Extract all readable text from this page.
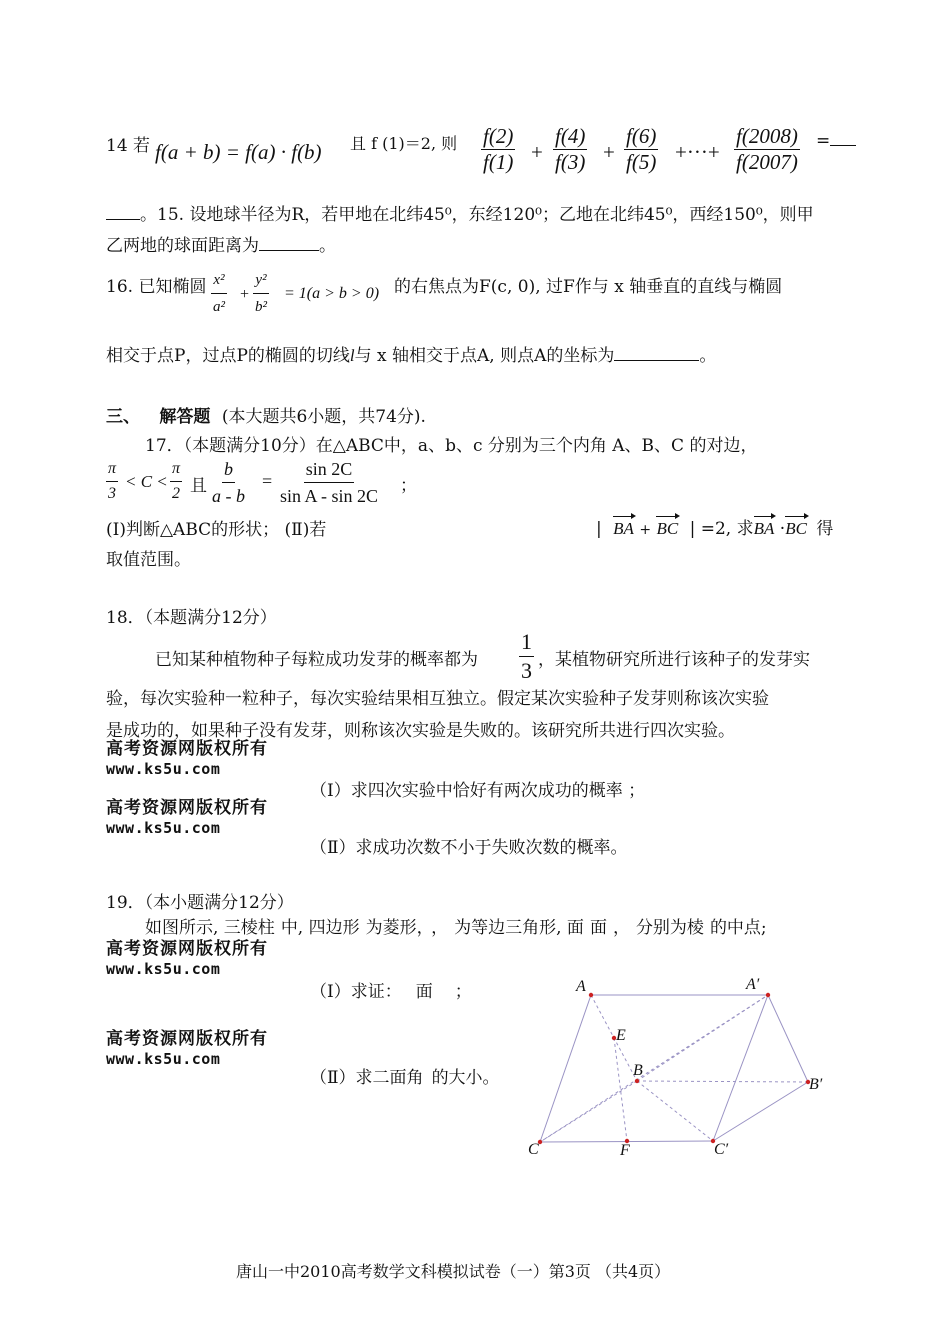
14 若 f(a + b) = f(a) · f(b) 且 f (1)＝2, 则 $\frac{f(2)}{f(1)} + \frac{f(4)}{f(3)} + \frac{f(6)}{f(5)}$ +···+ $\frac{f(2008)}{f(2007)}$ =
。15. 设地球半径为R，若甲地在北纬45⁰，东经120⁰；乙地在北纬45⁰，西经150⁰，则甲
乙两地的球面距离为	。
16. 已知椭圆 $\frac{\text{x²}}{\text{a²}} + \frac{\text{y²}}{\text{b²}} = 1(a > b > 0)$ 的右焦点为F(c, 0), 过F作与 x 轴垂直的直线与椭圆
相交于点P，过点P的椭圆的切线l与 x 轴相交于点A, 则点A的坐标为	。
三、 解答题 (本大题共6小题，共74分).
17．（本题满分10分）在△ABC中，a、b、c 分别为三个内角 A、B、C 的对边，
$\frac{\pi}{3} < C < \frac{\pi}{2}$ 且 $\frac{b}{a - b} = \frac{\sin 2C}{\text{sin A - sin 2C}}$ ；
(Ⅰ)判断△ABC的形状； (Ⅱ)若	| BA + BC | =2, 求BA ·BC 得
取值范围。
18．（本题满分12分）
已知某种植物种子每粒成功发芽的概率都为 $\frac{1}{3}$ ，某植物研究所进行该种子的发芽实
验，每次实验种一粒种子，每次实验结果相互独立。假定某次实验种子发芽则称该次实验
是成功的，如果种子没有发芽，则称该次实验是失败的。该研究所共进行四次实验。
高考资源网版权所有
www.ks5u.com
（Ⅰ）求四次实验中恰好有两次成功的概率 ；
高考资源网版权所有
www.ks5u.com
（Ⅱ）求成功次数不小于失败次数的概率。
19．（本小题满分12分）
如图所示, 三棱柱 中, 四边形 为菱形， ， 为等边三角形, 面 面 ， 分别为棱 的中点;
高考资源网版权所有
www.ks5u.com
（Ⅰ）求证： 面 ；
高考资源网版权所有
www.ks5u.com
（Ⅱ）求二面角 的大小。
A	A′
E
B
B′
C	F	C′
唐山一中2010高考数学文科模拟试卷（一）第3页 （共4页）
